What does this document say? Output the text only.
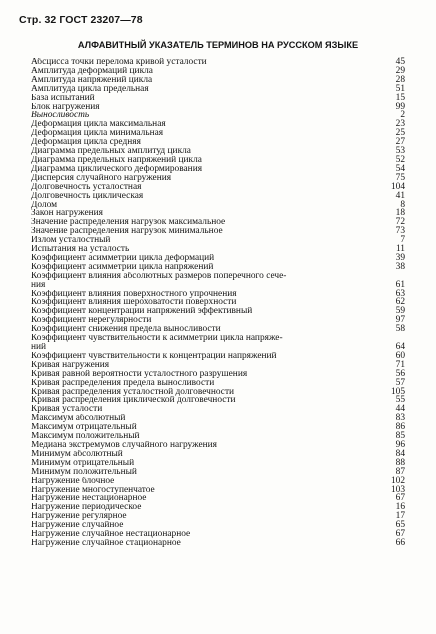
Стр. 32 ГОСТ 23207—78
АЛФАВИТНЫЙ УКАЗАТЕЛЬ ТЕРМИНОВ НА РУССКОМ ЯЗЫКЕ
Абсцисса точки перелома кривой усталости	45
Амплитуда деформаций цикла	29
Амплитуда напряжений цикла	28
Амплитуда цикла предельная	51
База испытаний	15
Блок нагружения	99
Выносливость	2
Деформация цикла максимальная	23
Деформация цикла минимальная	25
Деформация цикла средняя	27
Диаграмма предельных амплитуд цикла	53
Диаграмма предельных напряжений цикла	52
Диаграмма циклического деформирования	54
Дисперсия случайного нагружения	75
Долговечность усталостная	104
Долговечность циклическая	41
Долом	8
Закон нагружения	18
Значение распределения нагрузок максимальное	72
Значение распределения нагрузок минимальное	73
Излом усталостный	7
Испытания на усталость	11
Коэффициент асимметрии цикла деформаций	39
Коэффициент асимметрии цикла напряжений	38
Коэффициент влияния абсолютных размеров поперечного сече-
ния	61
Коэффициент влияния поверхностного упрочнения	63
Коэффициент влияния шероховатости поверхности	62
Коэффициент концентрации напряжений эффективный	59
Коэффициент нерегулярности	97
Коэффициент снижения предела выносливости	58
Коэффициент чувствительности к асимметрии цикла напряже-
ний	64
Коэффициент чувствительности к концентрации напряжений	60
Кривая нагружения	71
Кривая равной вероятности усталостного разрушения	56
Кривая распределения предела выносливости	57
Кривая распределения усталостной долговечности	105
Кривая распределения циклической долговечности	55
Кривая усталости	44
Максимум абсолютный	83
Максимум отрицательный	86
Максимум положительный	85
Медиана экстремумов случайного нагружения	96
Минимум абсолютный	84
Минимум отрицательный	88
Минимум положительный	87
Нагружение блочное	102
Нагружение многоступенчатое	103
Нагружение нестационарное	67
Нагружение периодическое	16
Нагружение регулярное	17
Нагружение случайное	65
Нагружение случайное нестационарное	67
Нагружение случайное стационарное	66
